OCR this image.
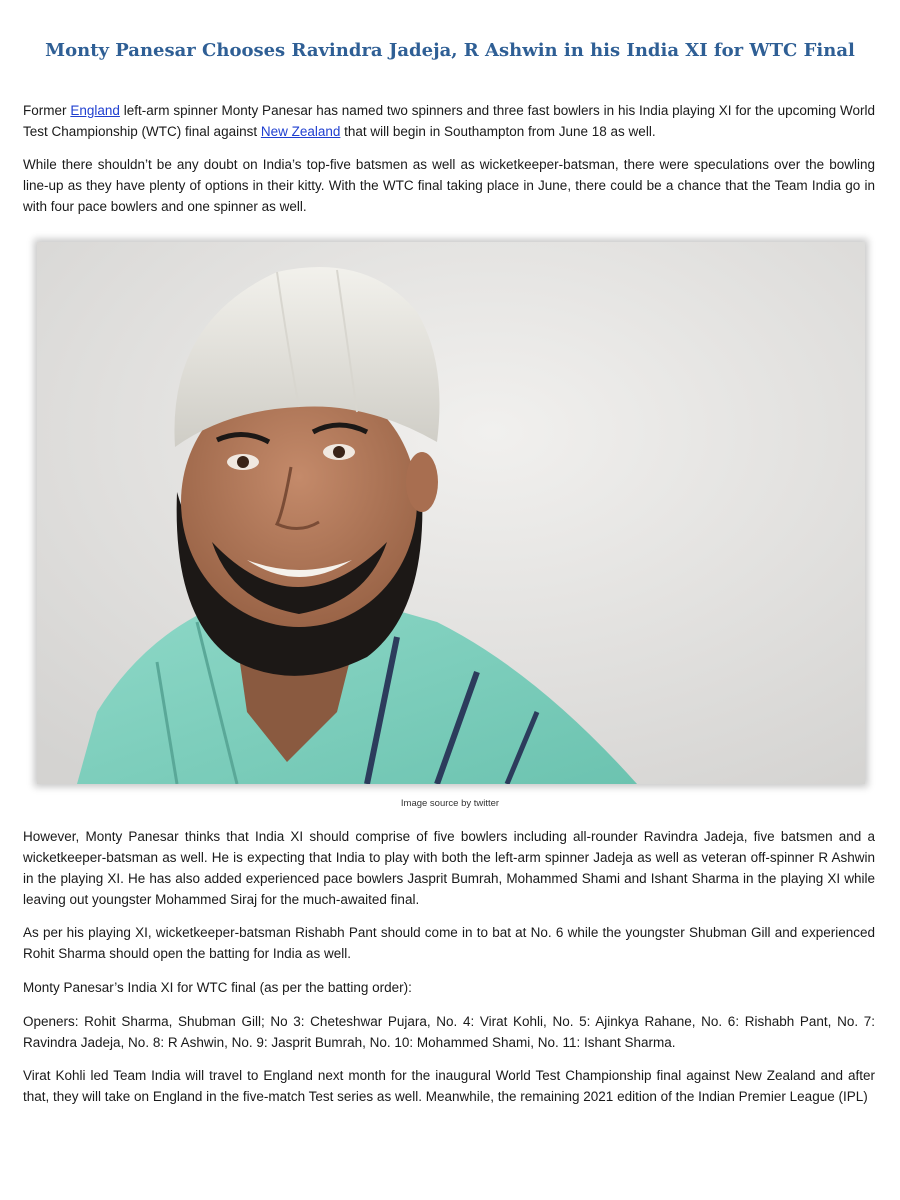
Monty Panesar Chooses Ravindra Jadeja, R Ashwin in his India XI for WTC Final

Former England left-arm spinner Monty Panesar has named two spinners and three fast bowlers in his India playing XI for the upcoming World Test Championship (WTC) final against New Zealand that will begin in Southampton from June 18 as well.

While there shouldn’t be any doubt on India’s top-five batsmen as well as wicketkeeper-batsman, there were speculations over the bowling line-up as they have plenty of options in their kitty. With the WTC final taking place in June, there could be a chance that the Team India go in with four pace bowlers and one spinner as well.

Image source by twitter

However, Monty Panesar thinks that India XI should comprise of five bowlers including all-rounder Ravindra Jadeja, five batsmen and a wicketkeeper-batsman as well. He is expecting that India to play with both the left-arm spinner Jadeja as well as veteran off-spinner R Ashwin in the playing XI. He has also added experienced pace bowlers Jasprit Bumrah, Mohammed Shami and Ishant Sharma in the playing XI while leaving out youngster Mohammed Siraj for the much-awaited final.

As per his playing XI, wicketkeeper-batsman Rishabh Pant should come in to bat at No. 6 while the youngster Shubman Gill and experienced Rohit Sharma should open the batting for India as well.

Monty Panesar’s India XI for WTC final (as per the batting order):

Openers: Rohit Sharma, Shubman Gill; No 3: Cheteshwar Pujara, No. 4: Virat Kohli, No. 5: Ajinkya Rahane, No. 6: Rishabh Pant, No. 7: Ravindra Jadeja, No. 8: R Ashwin, No. 9: Jasprit Bumrah, No. 10: Mohammed Shami, No. 11: Ishant Sharma.

Virat Kohli led Team India will travel to England next month for the inaugural World Test Championship final against New Zealand and after that, they will take on England in the five-match Test series as well. Meanwhile, the remaining 2021 edition of the Indian Premier League (IPL)
